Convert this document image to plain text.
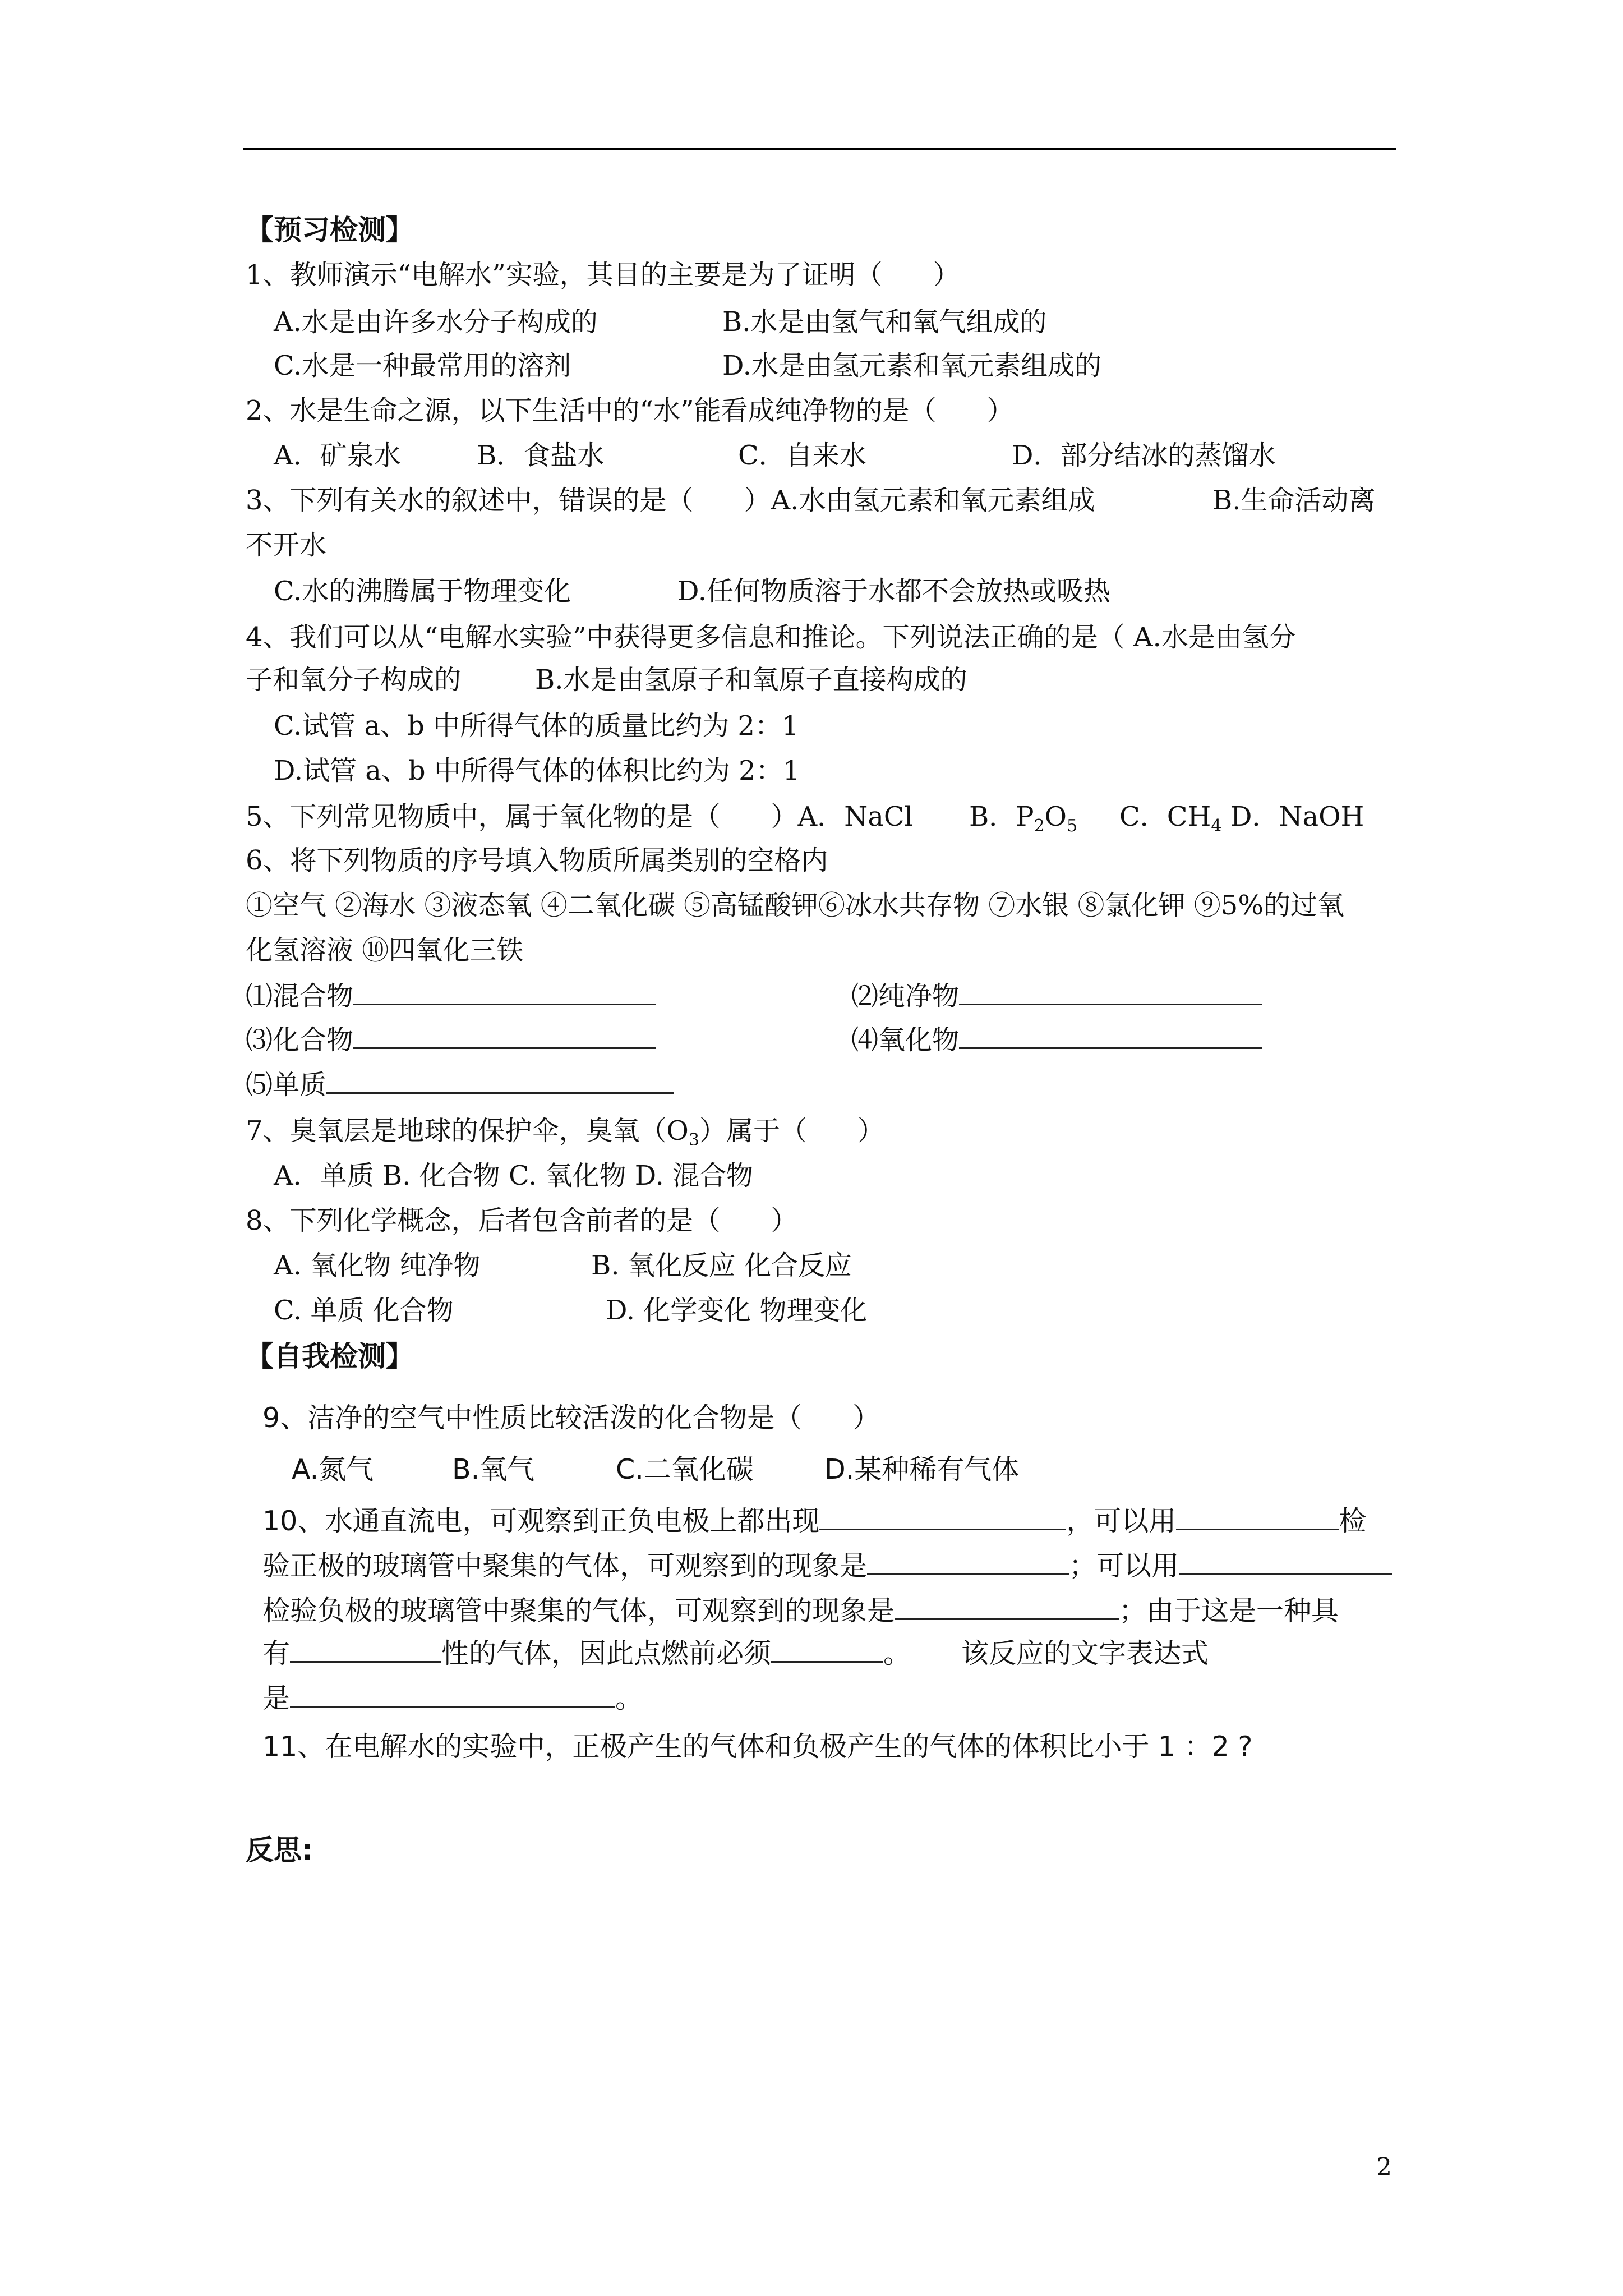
【预习检测】
1、教师演示“电解水”实验，其目的主要是为了证明（ ）
A.水是由许多水分子构成的	B.水是由氢气和氧气组成的
C.水是一种最常用的溶剂	D.水是由氢元素和氧元素组成的
2、水是生命之源，以下生活中的“水”能看成纯净物的是（ ）
A．矿泉水	B．食盐水	C．自来水	D．部分结冰的蒸馏水
3、下列有关水的叙述中，错误的是（ ）A.水由氢元素和氧元素组成	B.生命活动离
不开水
C.水的沸腾属于物理变化	D.任何物质溶于水都不会放热或吸热
4、我们可以从“电解水实验”中获得更多信息和推论。下列说法正确的是（ A.水是由氢分
子和氧分子构成的	B.水是由氢原子和氧原子直接构成的
C.试管 a、b 中所得气体的质量比约为 2：1
D.试管 a、b 中所得气体的体积比约为 2：1
5、下列常见物质中，属于氧化物的是（ ）A．NaCl B．$P_2O_5$ C．$CH_4$ D．NaOH
6、将下列物质的序号填入物质所属类别的空格内
①空气 ②海水 ③液态氧 ④二氧化碳 ⑤高锰酸钾⑥冰水共存物 ⑦水银 ⑧氯化钾 ⑨5%的过氧
化氢溶液 ⑩四氧化三铁
⑴混合物	⑵纯净物
⑶化合物	⑷氧化物
⑸单质
7、臭氧层是地球的保护伞，臭氧$(O_3)$属于（ ）
A．单质 B. 化合物 C. 氧化物 D. 混合物
8、下列化学概念，后者包含前者的是（ ）
A. 氧化物 纯净物	B. 氧化反应 化合反应
C. 单质 化合物	D. 化学变化 物理变化
【自我检测】
9、洁净的空气中性质比较活泼的化合物是（ ）
A.氮气	B.氧气	C.二氧化碳	D.某种稀有气体
10、水通直流电，可观察到正负电极上都出现	，可以用	检
验正极的玻璃管中聚集的气体，可观察到的现象是	；可以用
检验负极的玻璃管中聚集的气体，可观察到的现象是	；由于这是一种具
有	性的气体，因此点燃前必须	。 该反应的文字表达式
是	。
11、在电解水的实验中，正极产生的气体和负极产生的气体的体积比小于 1 ：2 ?
反思:
2
